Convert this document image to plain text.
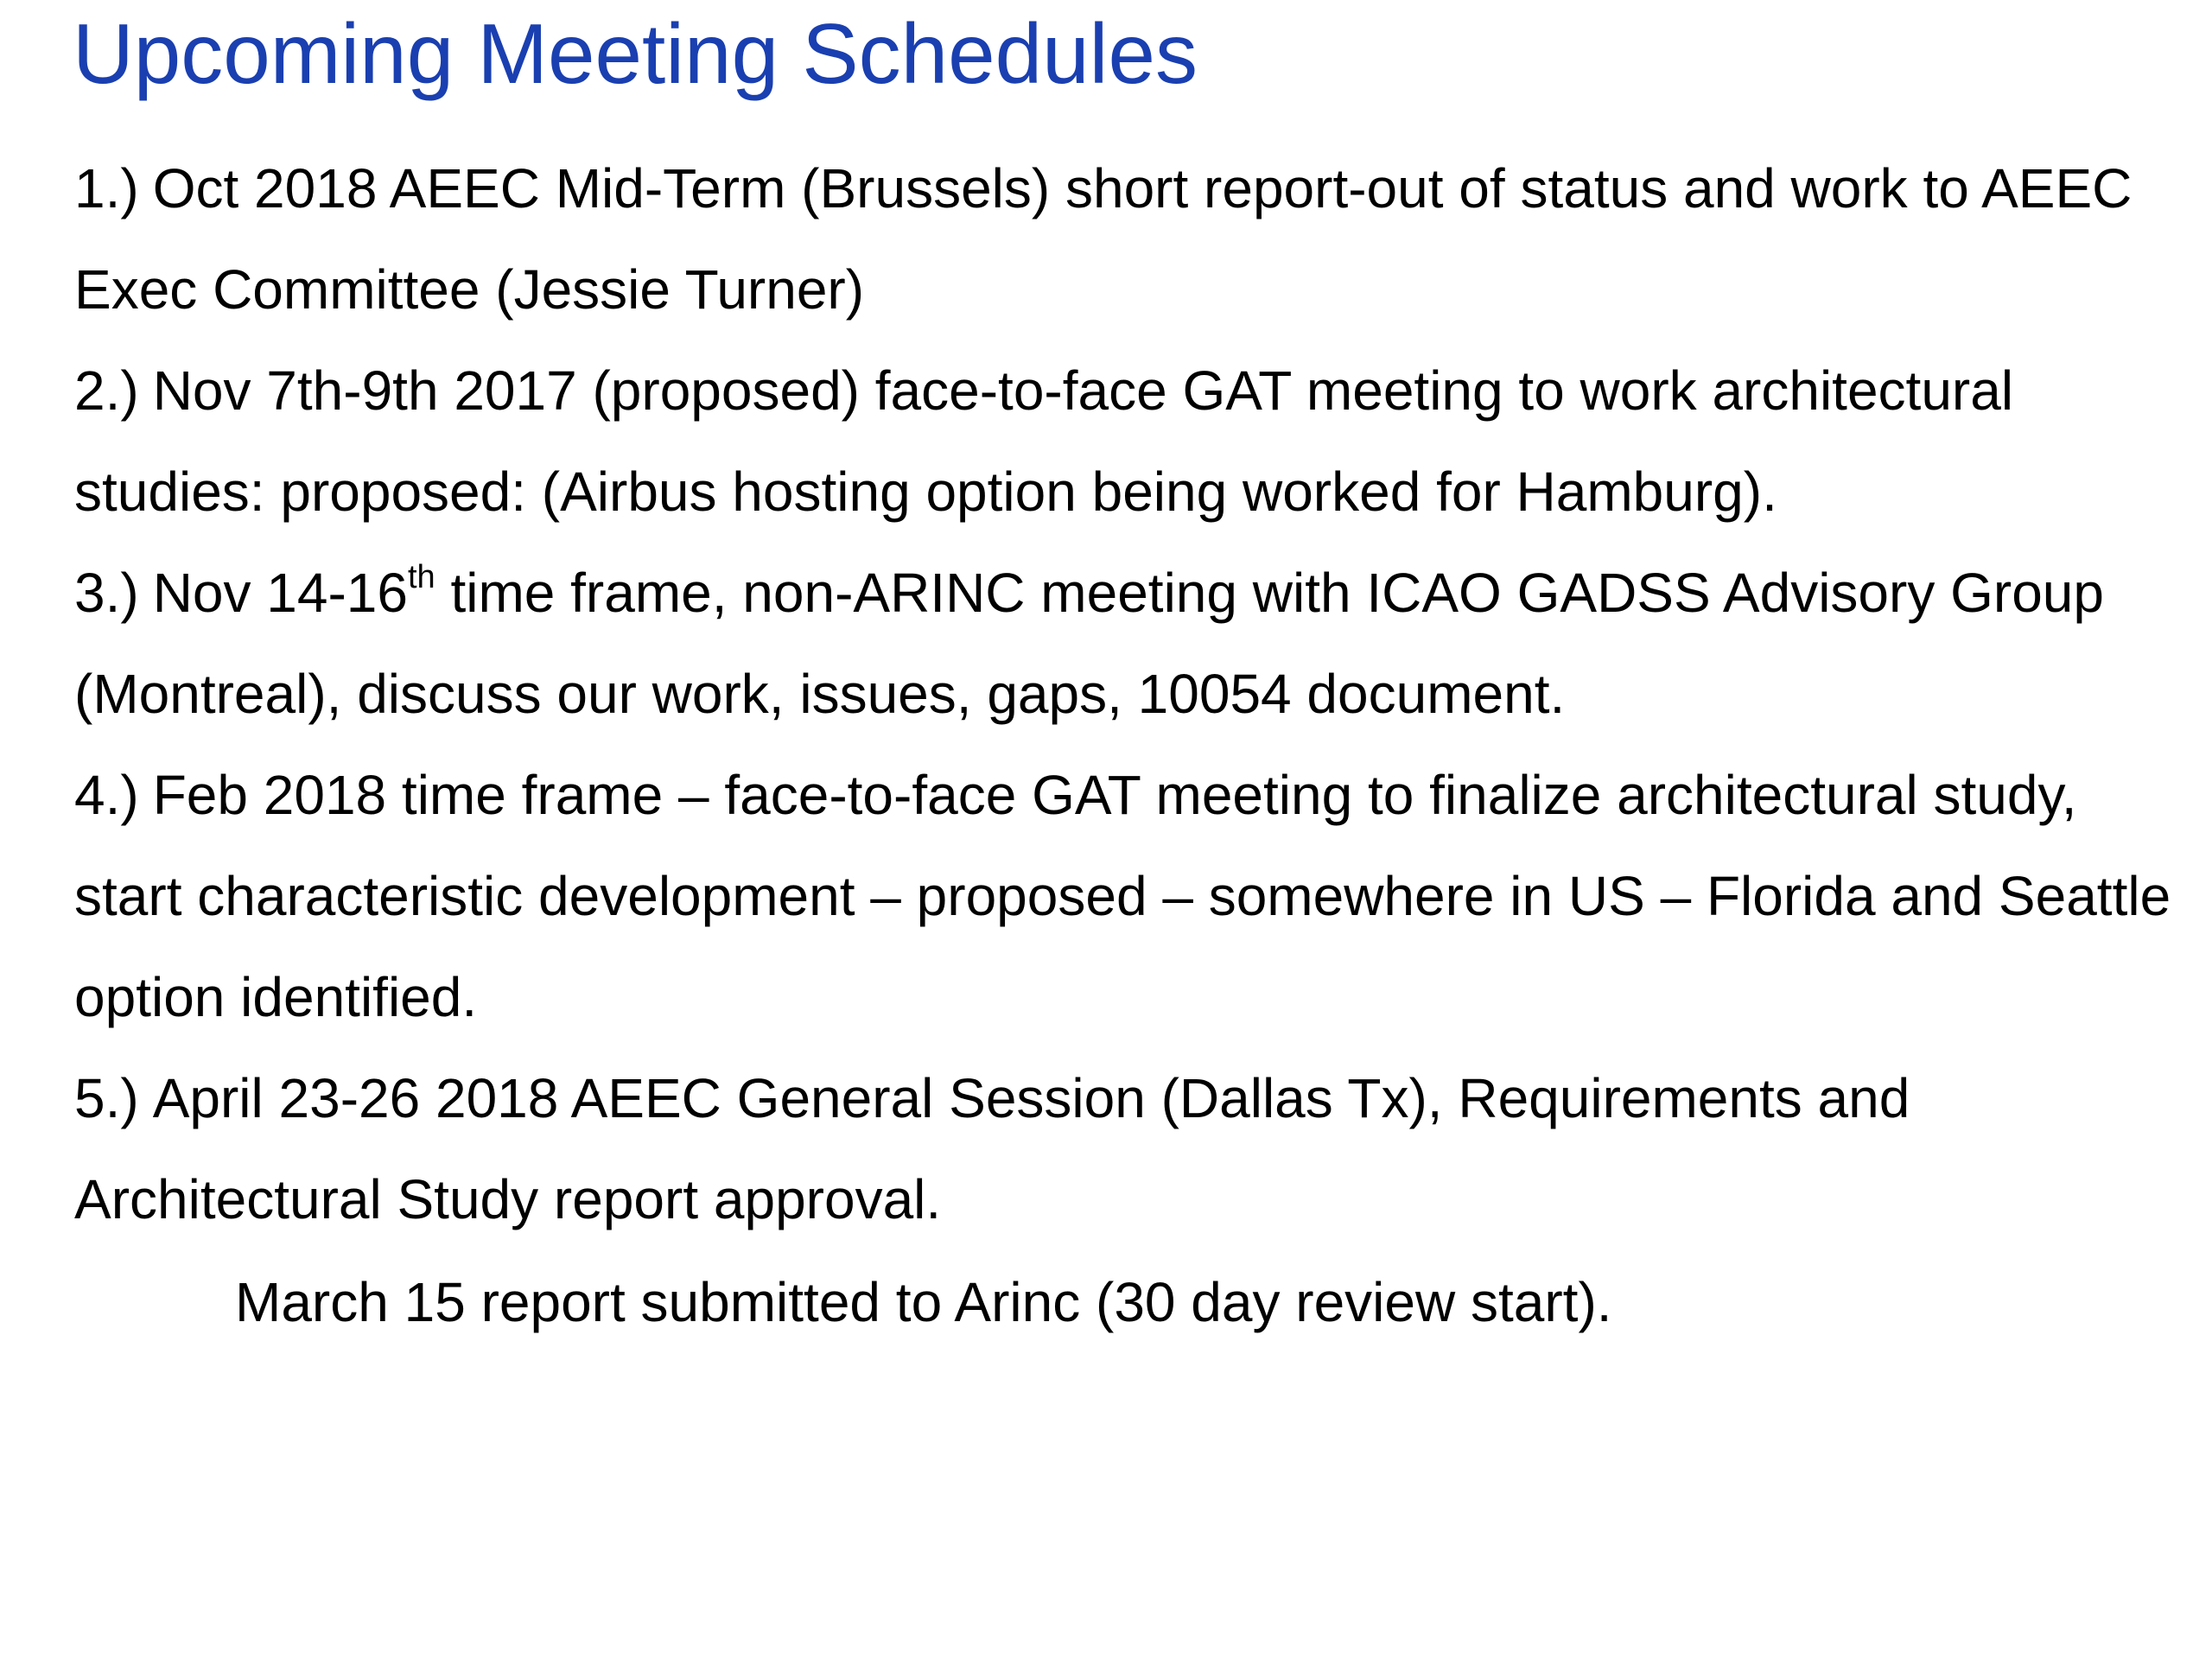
Upcoming Meeting Schedules
1.) Oct 2018 AEEC Mid-Term (Brussels) short report-out of status and work to AEEC Exec Committee (Jessie Turner)
2.) Nov 7th-9th 2017 (proposed) face-to-face GAT meeting to work architectural studies: proposed: (Airbus hosting option being worked for Hamburg).
3.) Nov 14-16th time frame, non-ARINC meeting with ICAO GADSS Advisory Group (Montreal), discuss our work, issues, gaps, 10054 document.
4.) Feb 2018 time frame – face-to-face GAT meeting to finalize architectural study, start characteristic development – proposed – somewhere in US – Florida and Seattle option identified.
5.) April 23-26 2018 AEEC General Session (Dallas Tx), Requirements and Architectural Study report approval.
March 15 report submitted to Arinc (30 day review start).
